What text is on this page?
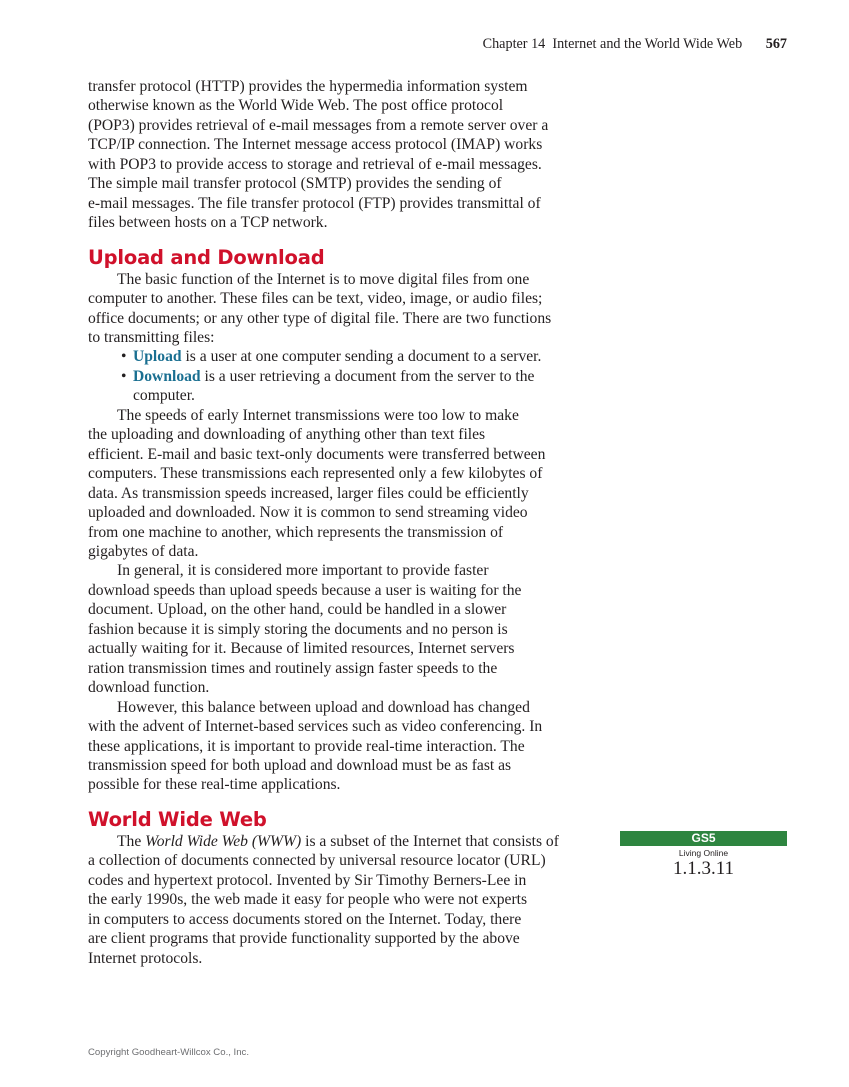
Chapter 14  Internet and the World Wide Web 567

transfer protocol (HTTP) provides the hypermedia information system
otherwise known as the World Wide Web. The post office protocol
(POP3) provides retrieval of e-mail messages from a remote server over a
TCP/IP connection. The Internet message access protocol (IMAP) works
with POP3 to provide access to storage and retrieval of e-mail messages.
The simple mail transfer protocol (SMTP) provides the sending of
e-mail messages. The file transfer protocol (FTP) provides transmittal of
files between hosts on a TCP network.

Upload and Download

The basic function of the Internet is to move digital files from one
computer to another. These files can be text, video, image, or audio files;
office documents; or any other type of digital file. There are two functions
to transmitting files:

• Upload is a user at one computer sending a document to a server.
• Download is a user retrieving a document from the server to the
computer.

The speeds of early Internet transmissions were too low to make
the uploading and downloading of anything other than text files
efficient. E-mail and basic text-only documents were transferred between
computers. These transmissions each represented only a few kilobytes of
data. As transmission speeds increased, larger files could be efficiently
uploaded and downloaded. Now it is common to send streaming video
from one machine to another, which represents the transmission of
gigabytes of data.

In general, it is considered more important to provide faster
download speeds than upload speeds because a user is waiting for the
document. Upload, on the other hand, could be handled in a slower
fashion because it is simply storing the documents and no person is
actually waiting for it. Because of limited resources, Internet servers
ration transmission times and routinely assign faster speeds to the
download function.

However, this balance between upload and download has changed
with the advent of Internet-based services such as video conferencing. In
these applications, it is important to provide real-time interaction. The
transmission speed for both upload and download must be as fast as
possible for these real-time applications.

World Wide Web

The World Wide Web (WWW) is a subset of the Internet that consists of
a collection of documents connected by universal resource locator (URL)
codes and hypertext protocol. Invented by Sir Timothy Berners-Lee in
the early 1990s, the web made it easy for people who were not experts
in computers to access documents stored on the Internet. Today, there
are client programs that provide functionality supported by the above
Internet protocols.

GS5
Living Online
1.1.3.11
Copyright Goodheart-Willcox Co., Inc.
